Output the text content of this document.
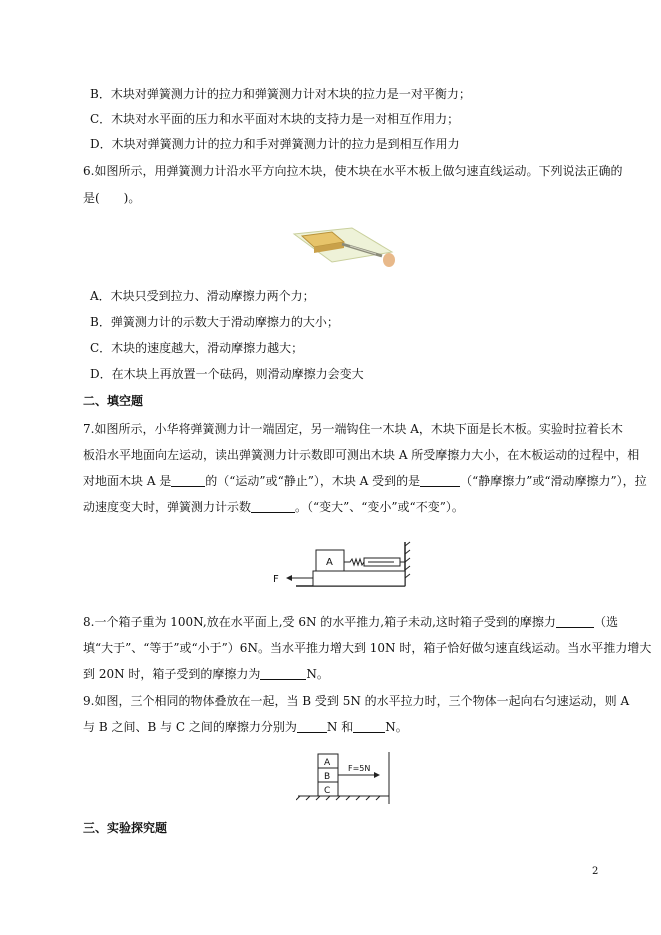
B．木块对弹簧测力计的拉力和弹簧测力计对木块的拉力是一对平衡力；
C．木块对水平面的压力和水平面对木块的支持力是一对相互作用力；
D．木块对弹簧测力计的拉力和手对弹簧测力计的拉力是到相互作用力
6.如图所示，用弹簧测力计沿水平方向拉木块，使木块在水平木板上做匀速直线运动。下列说法正确的
是(　　)。
A．木块只受到拉力、滑动摩擦力两个力；
B．弹簧测力计的示数大于滑动摩擦力的大小；
C．木块的速度越大，滑动摩擦力越大；
D．在木块上再放置一个砝码，则滑动摩擦力会变大
二、填空题
7.如图所示，小华将弹簧测力计一端固定，另一端钩住一木块 A，木块下面是长木板。实验时拉着长木
板沿水平地面向左运动，读出弹簧测力计示数即可测出木块 A 所受摩擦力大小，在木板运动的过程中，相
对地面木块 A 是	的（“运动”或“静止”），木块 A 受到的是	（“静摩擦力”或“滑动摩擦力”），拉
动速度变大时，弹簧测力计示数	。（“变大”、“变小”或“不变”）。
A
F
8.一个箱子重为 100N,放在水平面上,受 6N 的水平推力,箱子未动,这时箱子受到的摩擦力	（选
填“大于”、“等于”或“小于”）6N。当水平推力增大到 10N 时，箱子恰好做匀速直线运动。当水平推力增大
到 20N 时，箱子受到的摩擦力为	N。
9.如图，三个相同的物体叠放在一起，当 B 受到 5N 的水平拉力时，三个物体一起向右匀速运动，则 A
与 B 之间、B 与 C 之间的摩擦力分别为	N 和	N。
A
B
C
F=5N
三、实验探究题
2
